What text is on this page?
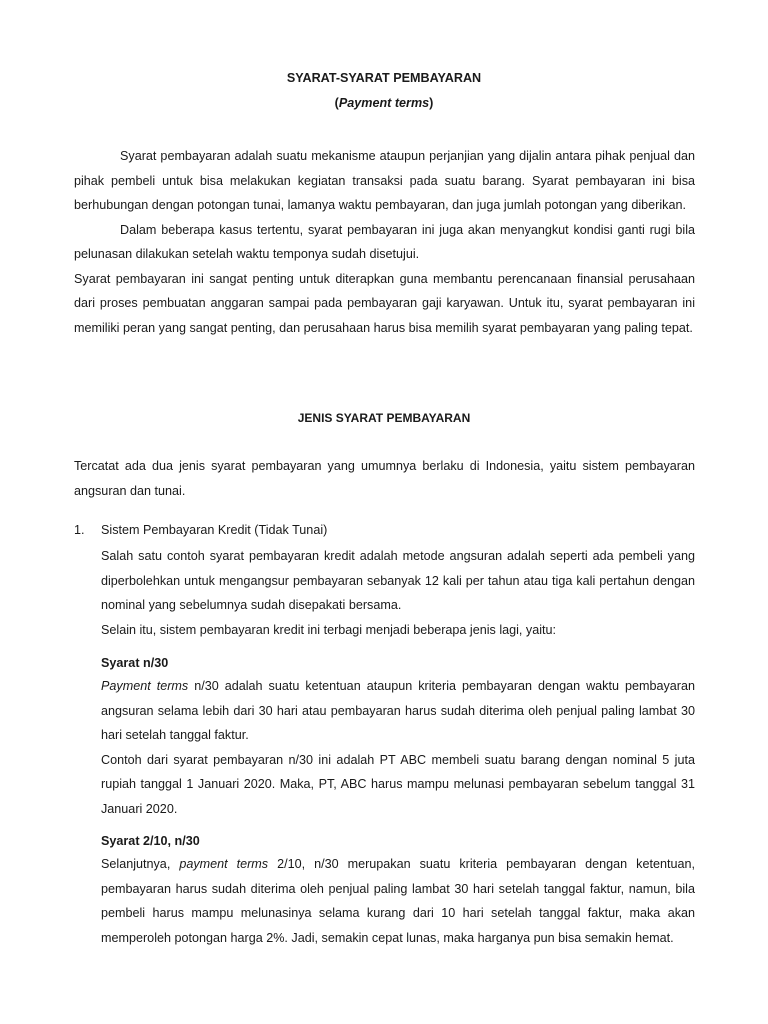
SYARAT-SYARAT PEMBAYARAN
(Payment terms)

Syarat pembayaran adalah suatu mekanisme ataupun perjanjian yang dijalin antara pihak penjual dan pihak pembeli untuk bisa melakukan kegiatan transaksi pada suatu barang. Syarat pembayaran ini bisa berhubungan dengan potongan tunai, lamanya waktu pembayaran, dan juga jumlah potongan yang diberikan.

Dalam beberapa kasus tertentu, syarat pembayaran ini juga akan menyangkut kondisi ganti rugi bila pelunasan dilakukan setelah waktu temponya sudah disetujui.

Syarat pembayaran ini sangat penting untuk diterapkan guna membantu perencanaan finansial perusahaan dari proses pembuatan anggaran sampai pada pembayaran gaji karyawan. Untuk itu, syarat pembayaran ini memiliki peran yang sangat penting, dan perusahaan harus bisa memilih syarat pembayaran yang paling tepat.

JENIS SYARAT PEMBAYARAN
Tercatat ada dua jenis syarat pembayaran yang umumnya berlaku di Indonesia, yaitu sistem pembayaran angsuran dan tunai.
1. Sistem Pembayaran Kredit (Tidak Tunai)

Salah satu contoh syarat pembayaran kredit adalah metode angsuran adalah seperti ada pembeli yang diperbolehkan untuk mengangsur pembayaran sebanyak 12 kali per tahun atau tiga kali pertahun dengan nominal yang sebelumnya sudah disepakati bersama.

Selain itu, sistem pembayaran kredit ini terbagi menjadi beberapa jenis lagi, yaitu:

Syarat n/30

Payment terms n/30 adalah suatu ketentuan ataupun kriteria pembayaran dengan waktu pembayaran angsuran selama lebih dari 30 hari atau pembayaran harus sudah diterima oleh penjual paling lambat 30 hari setelah tanggal faktur.

Contoh dari syarat pembayaran n/30 ini adalah PT ABC membeli suatu barang dengan nominal 5 juta rupiah tanggal 1 Januari 2020. Maka, PT, ABC harus mampu melunasi pembayaran sebelum tanggal 31 Januari 2020.

Syarat 2/10, n/30

Selanjutnya, payment terms 2/10, n/30 merupakan suatu kriteria pembayaran dengan ketentuan, pembayaran harus sudah diterima oleh penjual paling lambat 30 hari setelah tanggal faktur, namun, bila pembeli harus mampu melunasinya selama kurang dari 10 hari setelah tanggal faktur, maka akan memperoleh potongan harga 2%. Jadi, semakin cepat lunas, maka harganya pun bisa semakin hemat.
